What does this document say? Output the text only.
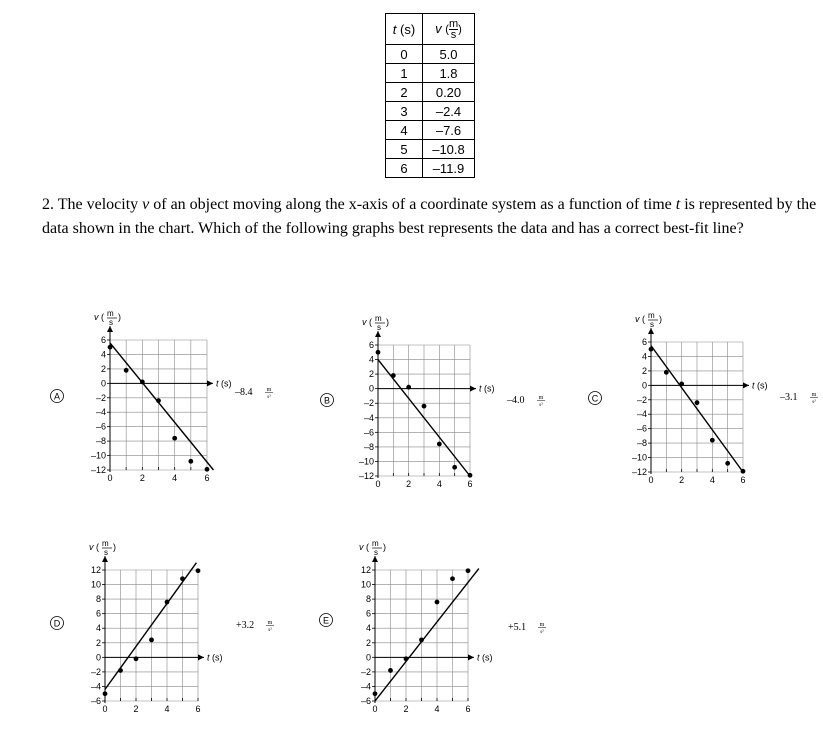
t (s)	v ( $\frac{m}{s}$ )
0	5.0
1	1.8
2	0.20
3	–2.4
4	–7.6
5	–10.8
6	–11.9
2. The velocity v of an object moving along the x-axis of a coordinate system as a function of time t is represented by the data shown in the chart. Which of the following graphs best represents the data and has a correct best-fit line?
A
t (s)
v ( m
s
)
6
4
2
0
–2
–4
–6
–8
–10
–12
0	2	4	6
–8.4 m
s²	B
t (s)
v ( m
s
)
6
4
2
0
–2
–4
–6
–8
–10
–12
0	2	4	6
–4.0 m
s²
C
t (s)
v ( m
s
)
6
4
2
0
–2
–4
–6
–8
–10
–12
0	2	4	6
–3.1 m
s²
D
t (s)
v ( m
s
)
12
10
8
6
4
2
0
–2
–4
–6
0	2	4	6
+3.2 m
s²
E
t (s)
v ( m
s
)
12
10
8
6
4
2
0
–2
–4
–6
0	2	4	6
+5.1 m
s²
